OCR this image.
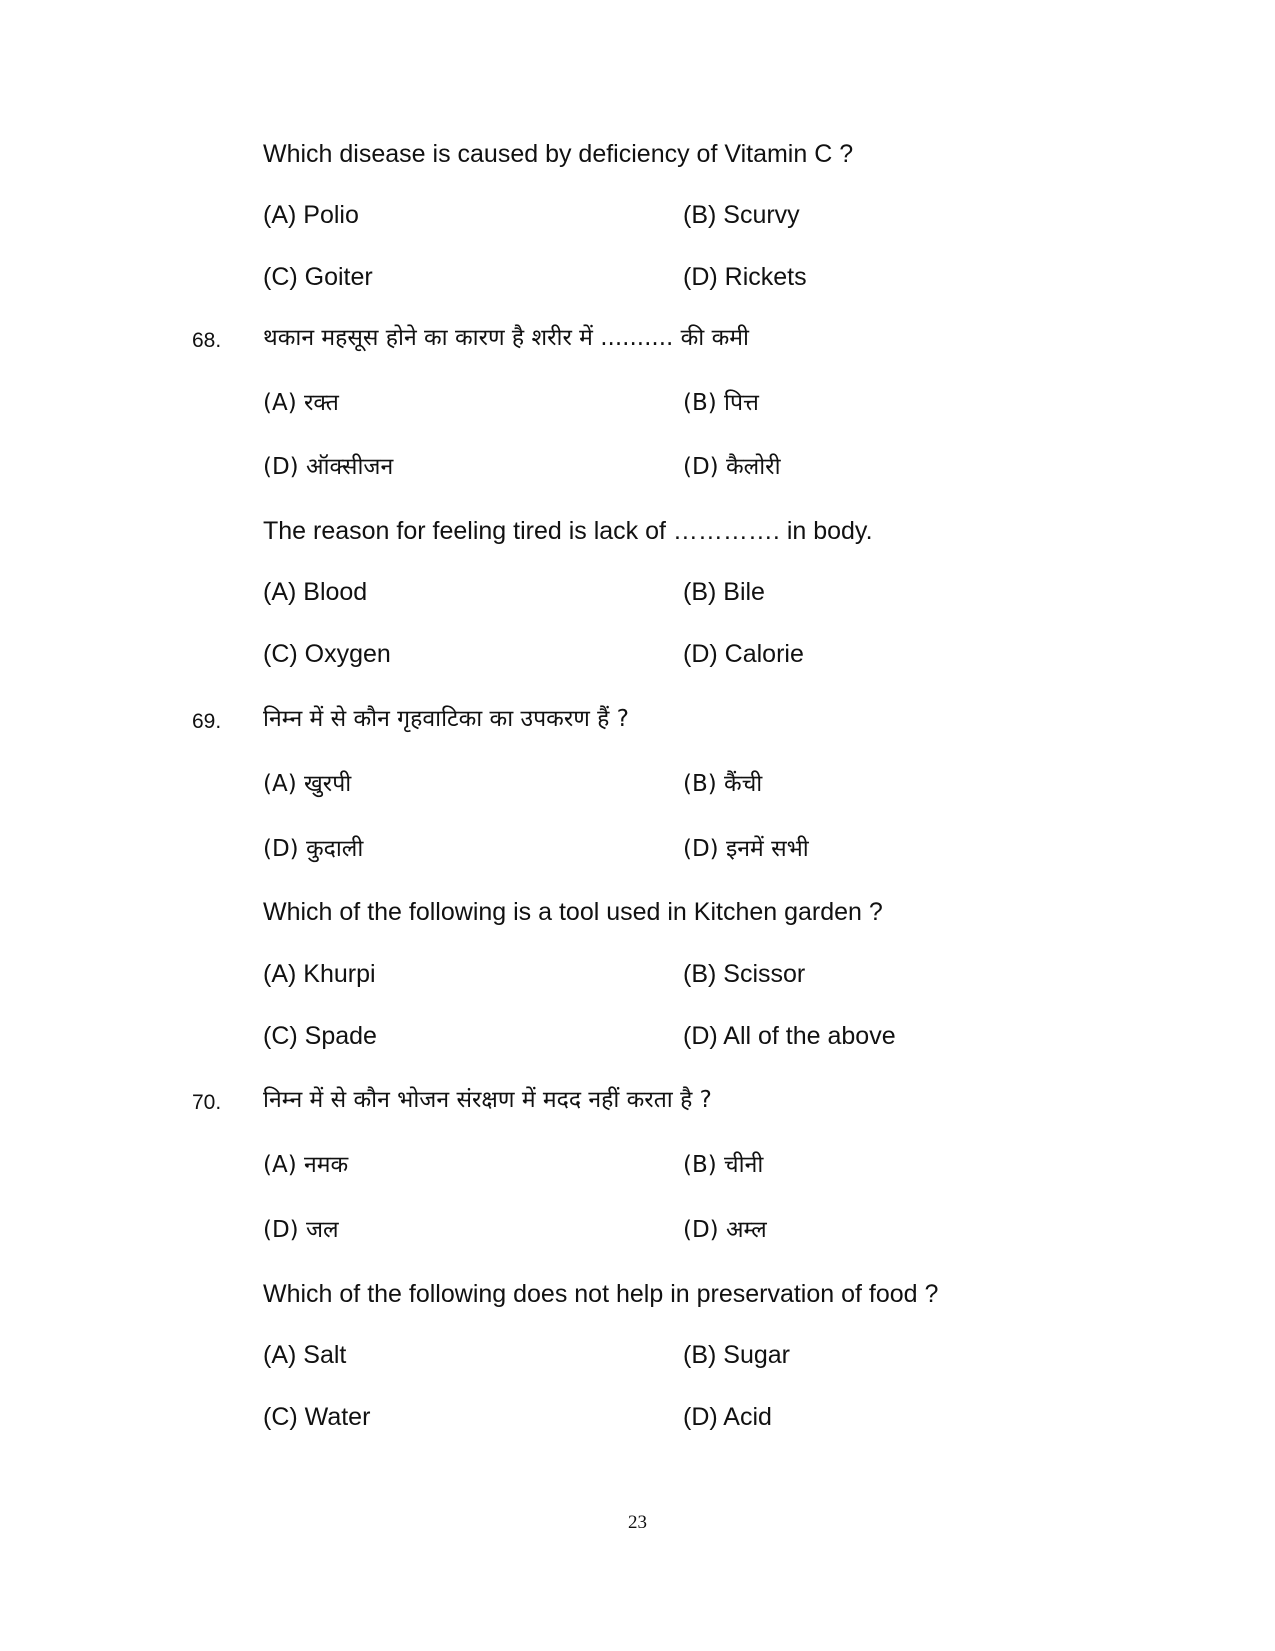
Which disease is caused by deficiency of Vitamin C ?
(A) Polio	(B) Scurvy
(C) Goiter	(D) Rickets
68. थकान महसूस होने का कारण है शरीर में .......... की कमी
(A) रक्त	(B) पित्त
(D) ऑक्सीजन	(D) कैलोरी
The reason for feeling tired is lack of …………. in body.
(A) Blood	(B) Bile
(C) Oxygen	(D) Calorie
69. निम्न में से कौन गृहवाटिका का उपकरण हैं ?
(A) खुरपी	(B) कैंची
(D) कुदाली	(D) इनमें सभी
Which of the following is a tool used in Kitchen garden ?
(A) Khurpi	(B) Scissor
(C) Spade	(D) All of the above
70. निम्न में से कौन भोजन संरक्षण में मदद नहीं करता है ?
(A) नमक	(B) चीनी
(D) जल	(D) अम्ल
Which of the following does not help in preservation of food ?
(A) Salt	(B) Sugar
(C) Water	(D) Acid
23
